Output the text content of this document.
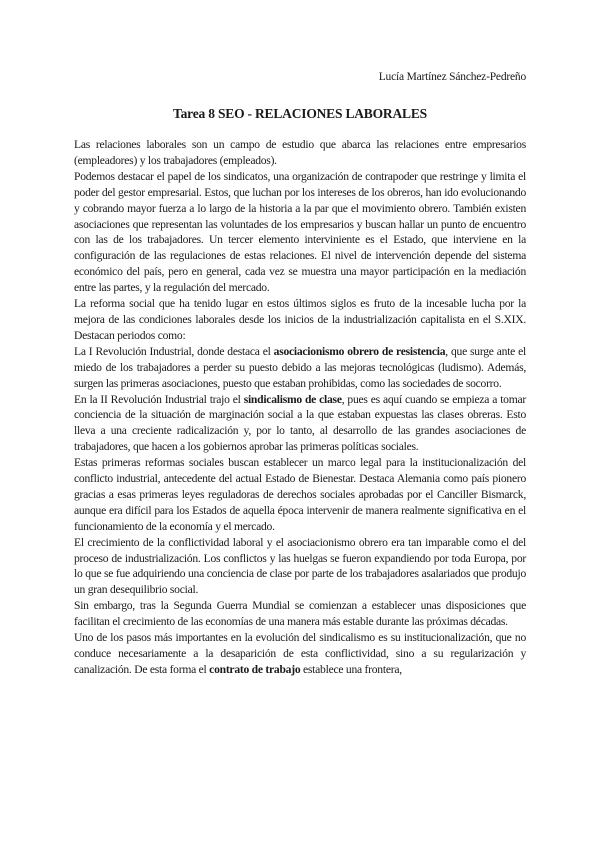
Lucía Martínez Sánchez-Pedreño
Tarea 8 SEO - RELACIONES LABORALES

Las relaciones laborales son un campo de estudio que abarca las relaciones entre empresarios (empleadores) y los trabajadores (empleados).

Podemos destacar el papel de los sindicatos, una organización de contrapoder que restringe y limita el poder del gestor empresarial. Estos, que luchan por los intereses de los obreros, han ido evolucionando y cobrando mayor fuerza a lo largo de la historia a la par que el movimiento obrero. También existen asociaciones que representan las voluntades de los empresarios y buscan hallar un punto de encuentro con las de los trabajadores. Un tercer elemento interviniente es el Estado, que interviene en la configuración de las regulaciones de estas relaciones. El nivel de intervención depende del sistema económico del país, pero en general, cada vez se muestra una mayor participación en la mediación entre las partes, y la regulación del mercado.

La reforma social que ha tenido lugar en estos últimos siglos es fruto de la incesable lucha por la mejora de las condiciones laborales desde los inicios de la industrialización capitalista en el S.XIX. Destacan periodos como:

La I Revolución Industrial, donde destaca el asociacionismo obrero de resistencia, que surge ante el miedo de los trabajadores a perder su puesto debido a las mejoras tecnológicas (ludismo). Además, surgen las primeras asociaciones, puesto que estaban prohibidas, como las sociedades de socorro.

En la II Revolución Industrial trajo el sindicalismo de clase, pues es aquí cuando se empieza a tomar conciencia de la situación de marginación social a la que estaban expuestas las clases obreras. Esto lleva a una creciente radicalización y, por lo tanto, al desarrollo de las grandes asociaciones de trabajadores, que hacen a los gobiernos aprobar las primeras políticas sociales.

Estas primeras reformas sociales buscan establecer un marco legal para la institucionalización del conflicto industrial, antecedente del actual Estado de Bienestar. Destaca Alemania como país pionero gracias a esas primeras leyes reguladoras de derechos sociales aprobadas por el Canciller Bismarck, aunque era difícil para los Estados de aquella época intervenir de manera realmente significativa en el funcionamiento de la economía y el mercado.

El crecimiento de la conflictividad laboral y el asociacionismo obrero era tan imparable como el del proceso de industrialización. Los conflictos y las huelgas se fueron expandiendo por toda Europa, por lo que se fue adquiriendo una conciencia de clase por parte de los trabajadores asalariados que produjo un gran desequilibrio social.

Sin embargo, tras la Segunda Guerra Mundial se comienzan a establecer unas disposiciones que facilitan el crecimiento de las economías de una manera más estable durante las próximas décadas.

Uno de los pasos más importantes en la evolución del sindicalismo es su institucionalización, que no conduce necesariamente a la desaparición de esta conflictividad, sino a su regularización y canalización. De esta forma el contrato de trabajo establece una frontera,
